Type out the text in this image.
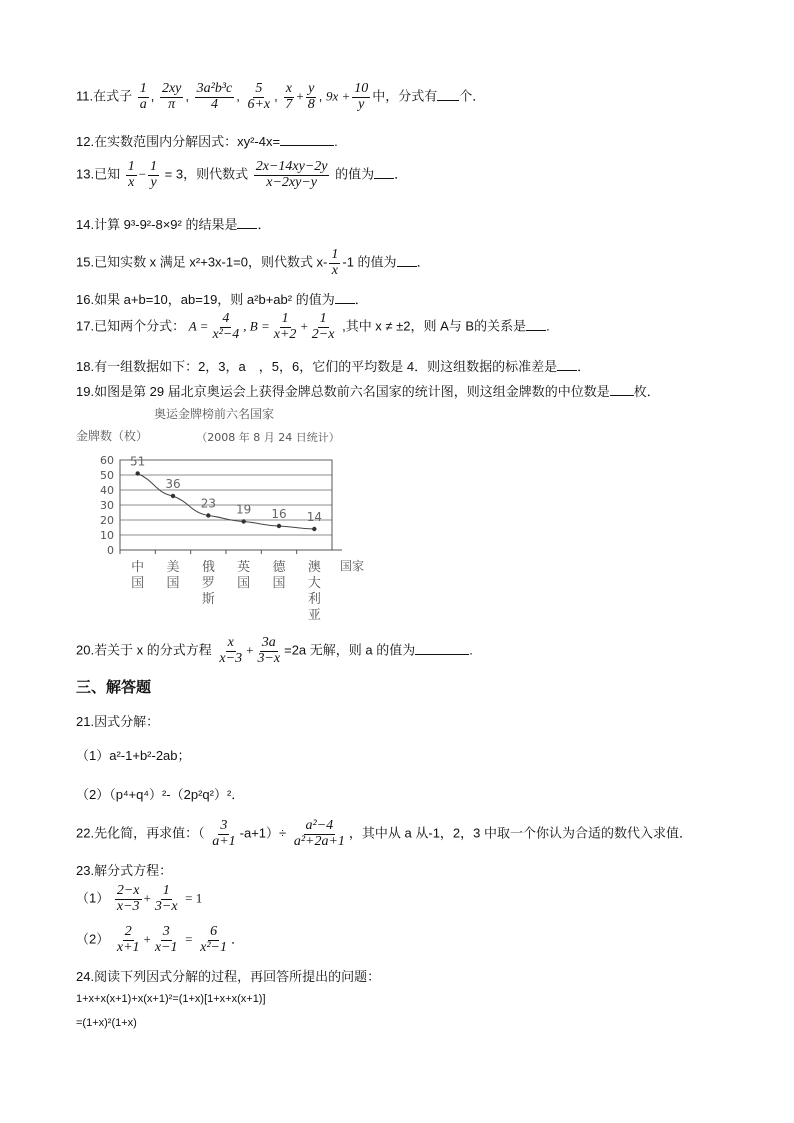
11.在式子 $\frac{1}{a}$ , $\frac{2xy}{\pi}$ , $\frac{\text{3a²b³c}}{4}$ , $\frac{5}{6+x}$ , $\frac{x}{7} + \frac{y}{8}$ , $9x + \frac{10}{y}$ 中，分式有 个．
12.在实数范围内分解因式：xy²-4x=	.
13.已知 $\frac{1}{x} - \frac{1}{y} = 3$，则代数式 $\frac{2x-14xy-2y}{x-2xy-y}$ 的值为 ．
14.计算 9³-9²-8×9² 的结果是 ．
15.已知实数 x 满足 x²+3x-1=0，则代数式 $x- \frac{1}{x} -1$ 的值为 ．
16.如果 a+b=10，ab=19，则 a²b+ab² 的值为 ．
17.已知两个分式： $A = \frac{4}{\text{x²−4}}$ , $B = \frac{1}{x+2} + \frac{1}{2-x}$ ,其中 x ≠ ±2，则 A与 B的关系是 .
18.有一组数据如下：2，3，a　，5，6，它们的平均数是 4．则这组数据的标准差是 ．
19.如图是第 29 届北京奥运会上获得金牌总数前六名国家的统计图，则这组金牌数的中位数是 枚．
奥运金牌榜前六名国家
（2008 年 8 月 24 日统计）
金牌数（枚）
国家
0
10
20
30
40
50
60
中国
美国
俄罗斯
英国
德国
澳大利亚
51
36
23 19 16 14
20.若关于 x 的分式方程 $\frac{x}{x-3} + \frac{3a}{3-x} =2a$ 无解，则 a 的值为	.
三、解答题
21.因式分解：
（1）a²-1+b²-2ab；
（2）（p⁴+q⁴）²-（2p²q²）²．
22.先化简，再求值：（ $\frac{3}{a+1} -a+1)\div \frac{\text{a²−4}}{\text{a²+2a+1}}$ ，其中从 a 从-1，2，3 中取一个你认为合适的数代入求值．
23.解分式方程：
$(1) \frac{2-x}{x-3} + \frac{1}{3-x} = 1$
$(2) \frac{2}{x+1} + \frac{3}{x-1} = \frac{6}{\text{x²−1}}$ ．
24.阅读下列因式分解的过程，再回答所提出的问题：
1+x+x(x+1)+x(x+1)²=(1+x)[1+x+x(x+1)]
=(1+x)²(1+x)
